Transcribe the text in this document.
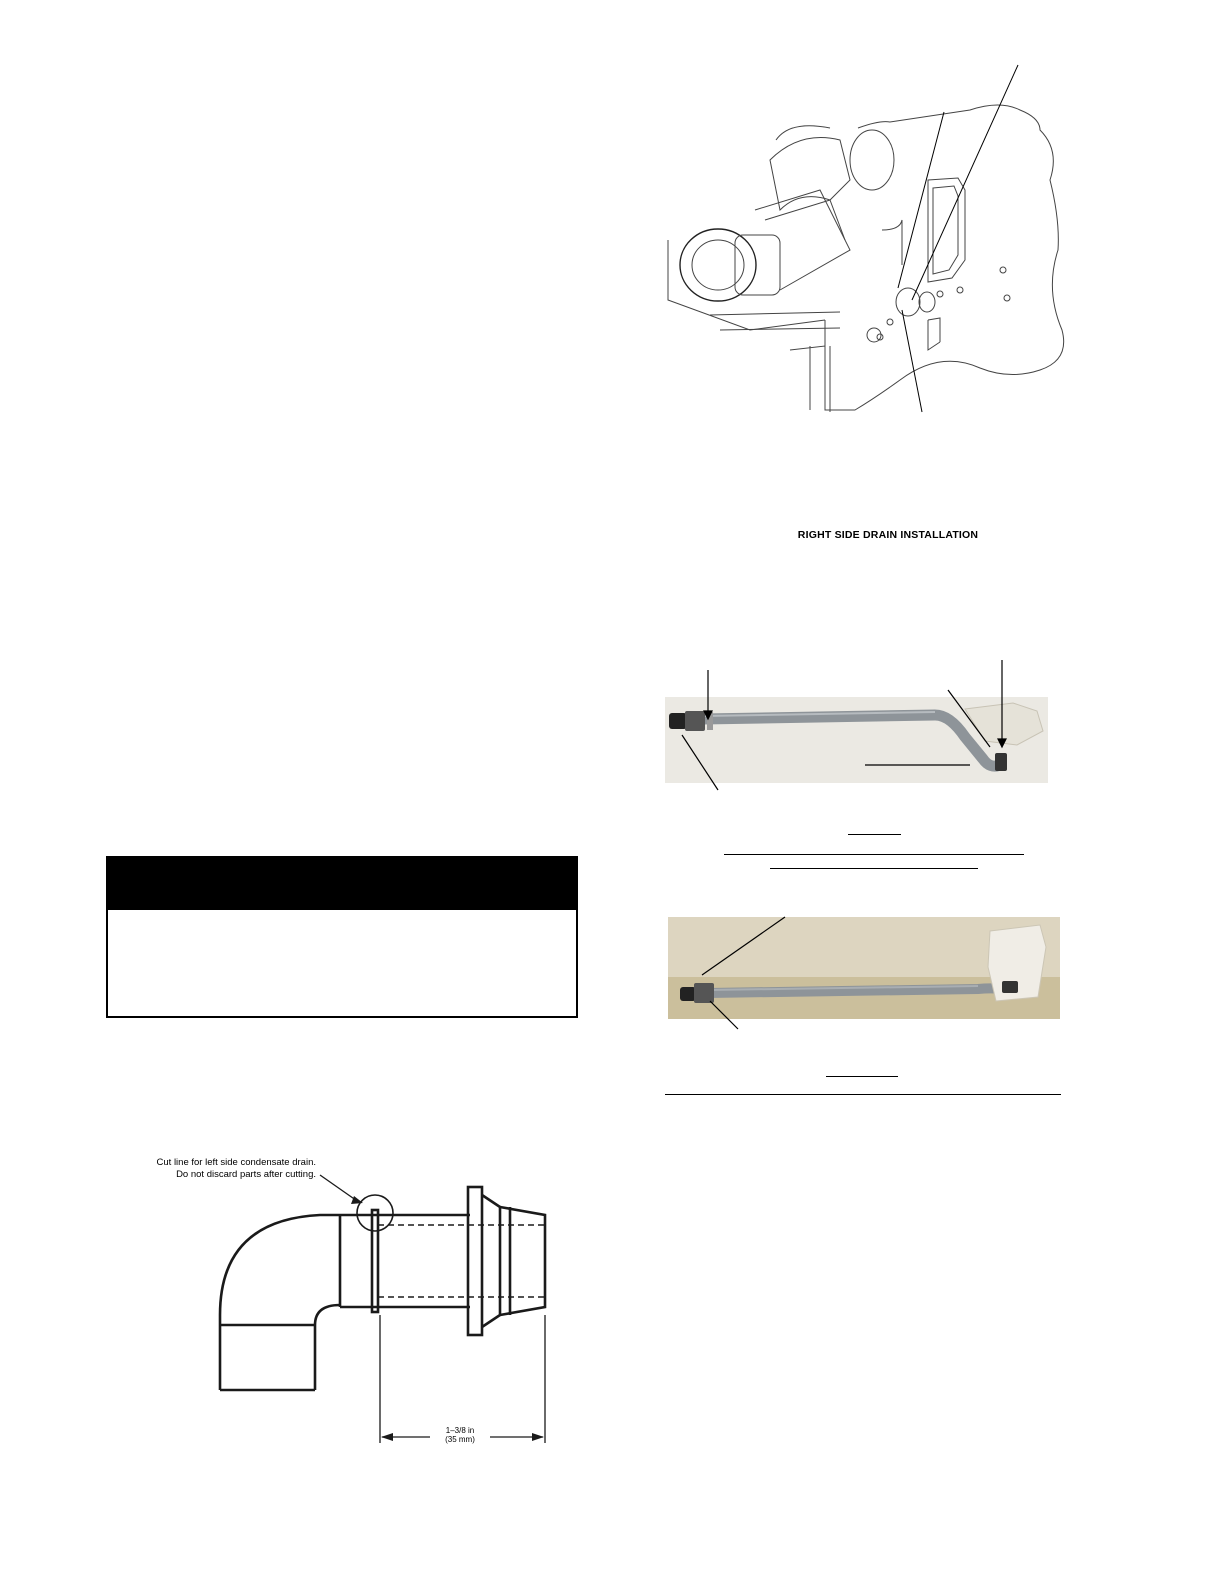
RIGHT SIDE DRAIN INSTALLATION
Cut line for left side condensate drain.
Do not discard parts after cutting.
1–3/8 in
(35 mm)
